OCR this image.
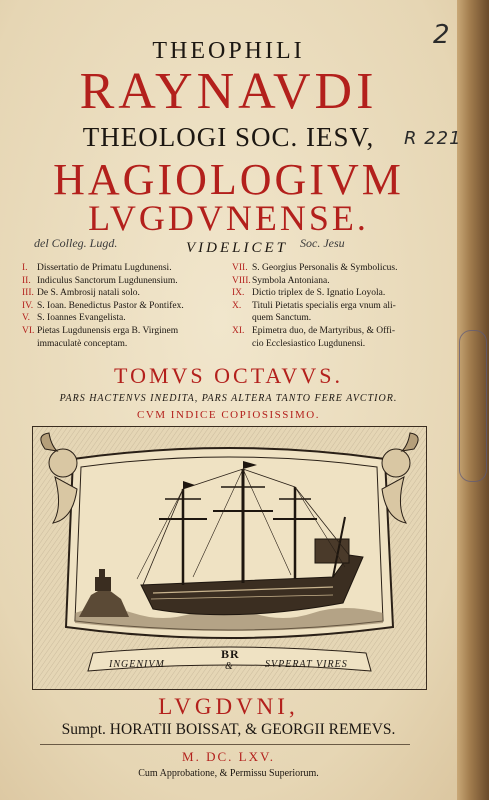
2
R 221
THEOPHILI
RAYNAVDI
THEOLOGI SOC. IESV,
HAGIOLOGIVM
LVGDVNENSE.
del Colleg. Lugd.	VIDELICET Soc. Jesu
I. Dissertatio de Primatu Lugdunensi.
II. Indiculus Sanctorum Lugdunensium.
III. De S. Ambrosij natali solo.
IV. S. Ioan. Benedictus Pastor & Pontifex.
V. S. Ioannes Evangelista.
VI. Pietas Lugdunensis erga B. Virginem
immaculatè conceptam.
VII. S. Georgius Personalis & Symbolicus.
VIII. Symbola Antoniana.
IX. Dictio triplex de S. Ignatio Loyola.
X.	Tituli Pietatis specialis erga vnum ali-
quem Sanctum.
XI. Epimetra duo, de Martyribus, & Offi-
cio Ecclesiastico Lugdunensi.
TOMVS OCTAVVS.
PARS HACTENVS INEDITA, PARS ALTERA TANTO FERE AVCTIOR.
CVM INDICE COPIOSISSIMO.
INGENIVM
BR
&	SVPERAT VIRES
LVGDVNI,
Sumpt. HORATII BOISSAT, & GEORGII REMEVS.
M. DC. LXV.
Cum Approbatione, & Permissu Superiorum.
